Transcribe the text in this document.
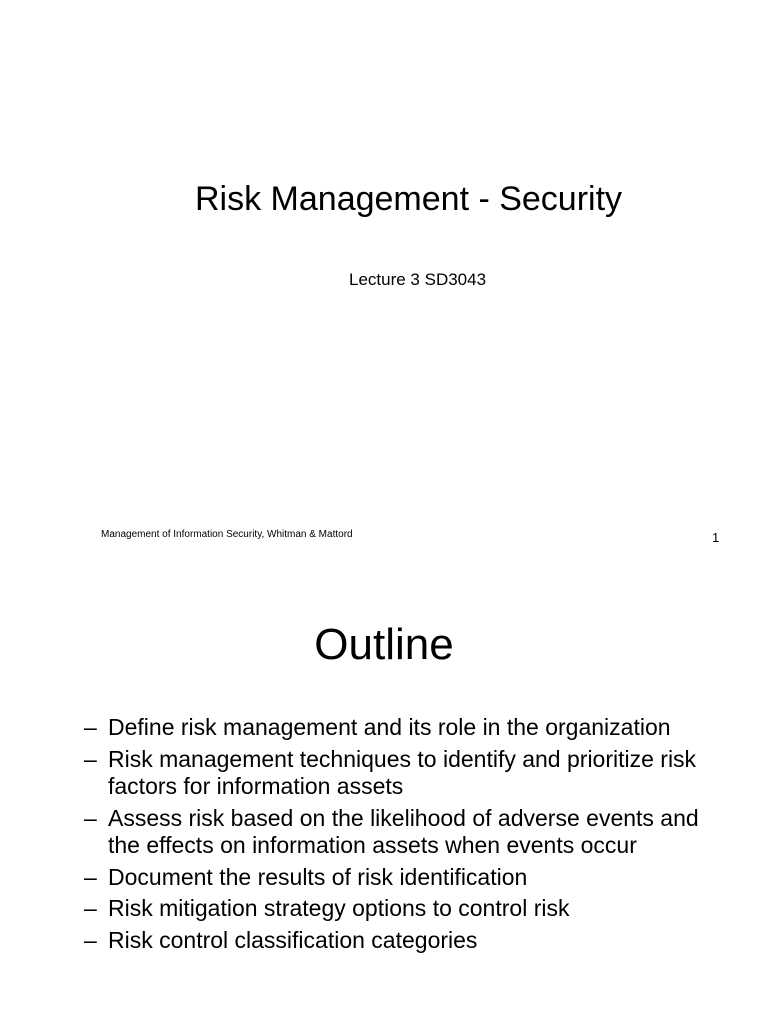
Risk Management - Security
Lecture 3 SD3043
Management of Information Security, Whitman & Mattord	1
Outline
– Define risk management and its role in the organization
– Risk management techniques to identify and prioritize risk factors for information assets
– Assess risk based on the likelihood of adverse events and the effects on information assets when events occur
– Document the results of risk identification
– Risk mitigation strategy options to control risk
– Risk control classification categories
